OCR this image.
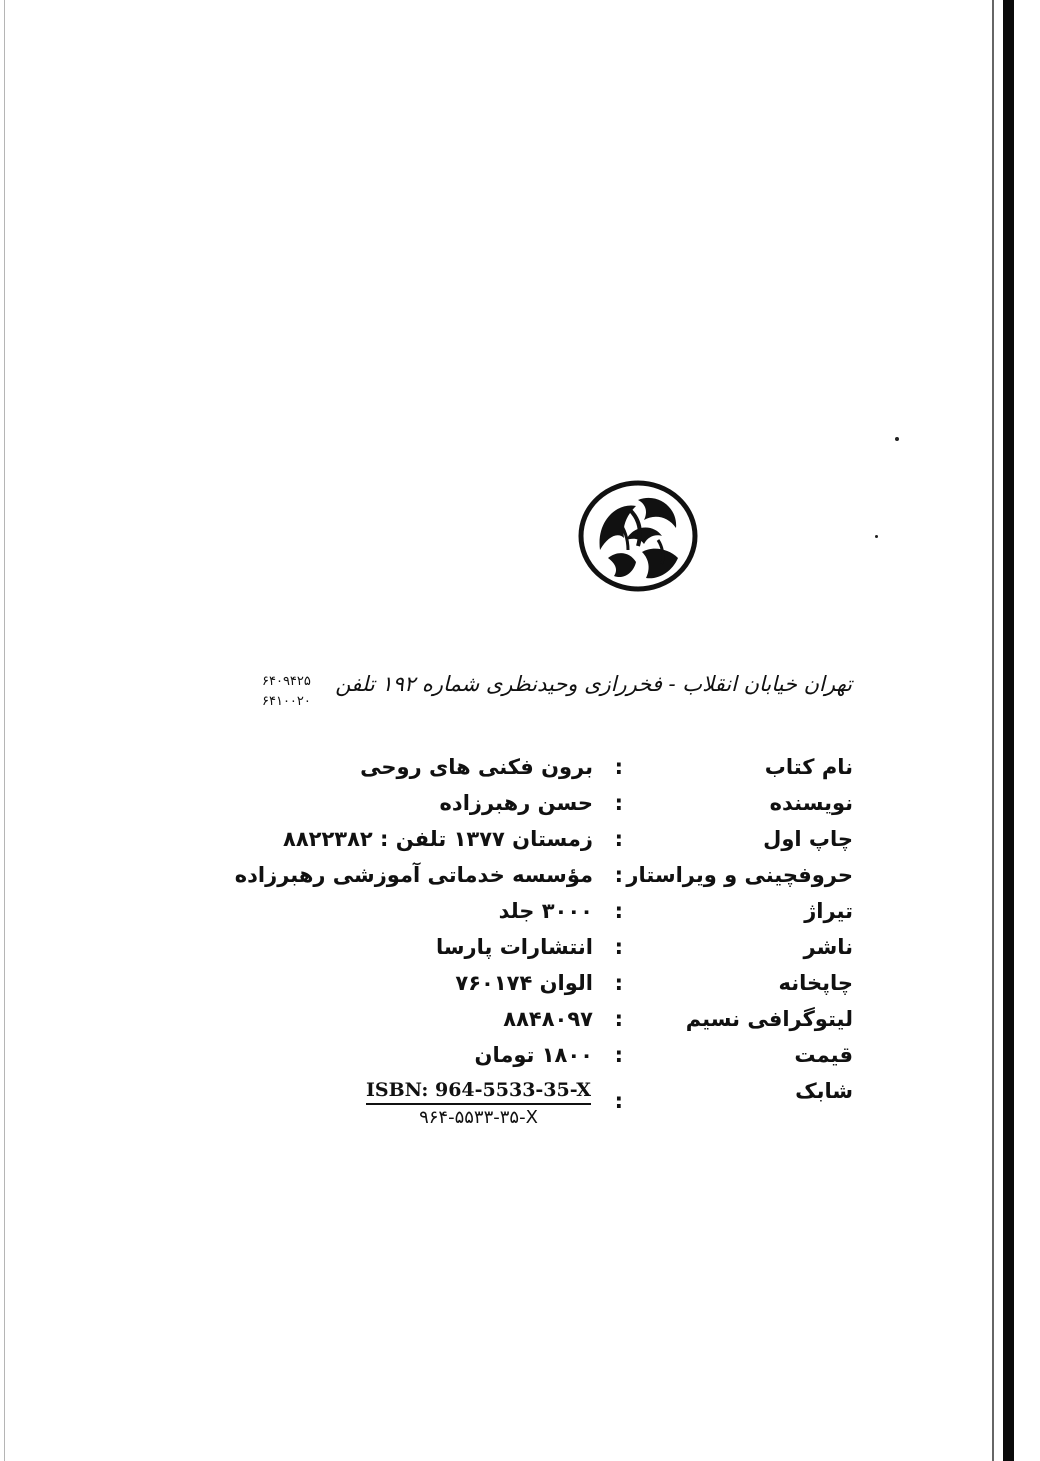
تهران خیابان انقلاب - فخررازی وحیدنظری شماره ۱۹۲ تلفن
۶۴۰۹۴۲۵
۶۴۱۰۰۲۰
نام کتاب
:
برون فکنی های روحی
نویسنده
:
حسن رهبرزاده
چاپ اول
:
زمستان ۱۳۷۷ تلفن : ۸۸۲۲۳۸۲
حروفچینی و ویراستار
:
مؤسسه خدماتی آموزشی رهبرزاده
تیراژ
:
۳۰۰۰ جلد
ناشر
:
انتشارات پارسا
چاپخانه
:
الوان ۷۶۰۱۷۴
لیتوگرافی نسیم
:
۸۸۴۸۰۹۷
قیمت
:
۱۸۰۰ تومان
شابک
:
ISBN: 964-5533-35-X
۹۶۴-۵۵۳۳-۳۵-X
